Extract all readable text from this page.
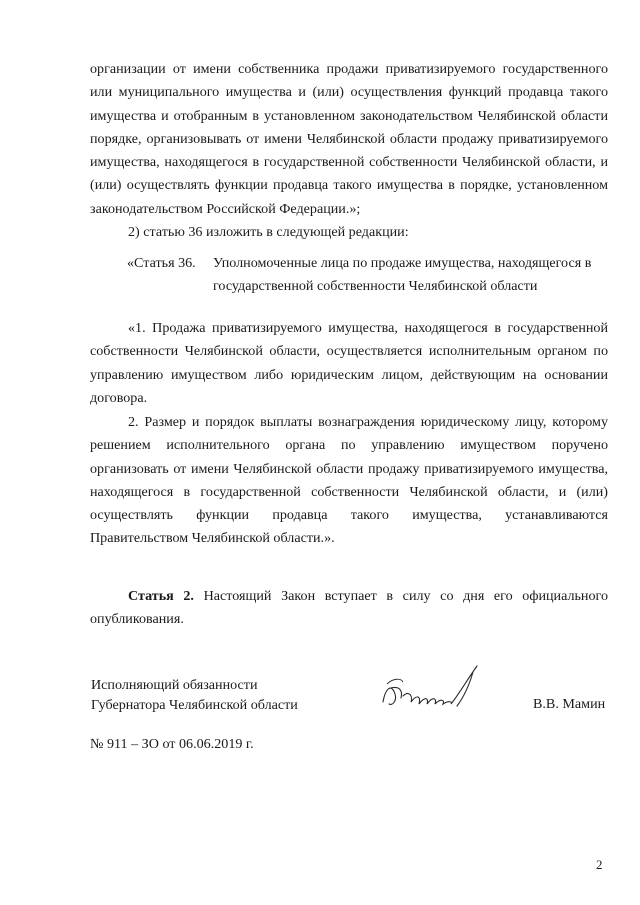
организации от имени собственника продажи приватизируемого государственного
или муниципального имущества и (или) осуществления функций продавца такого
имущества и отобранным в установленном законодательством Челябинской области
порядке, организовывать от имени Челябинской области продажу приватизируемого
имущества, находящегося в государственной собственности Челябинской области, и
(или) осуществлять функции продавца такого имущества в порядке, установленном
законодательством Российской Федерации.»;
2) статью 36 изложить в следующей редакции:
«Статья 36. Уполномоченные лица по продаже имущества, находящегося в
государственной собственности Челябинской области
«1. Продажа приватизируемого имущества, находящегося в государственной
собственности Челябинской области, осуществляется исполнительным органом по
управлению имуществом либо юридическим лицом, действующим на основании
договора.
2. Размер и порядок выплаты вознаграждения юридическому лицу, которому
решением исполнительного органа по управлению имуществом поручено
организовать от имени Челябинской области продажу приватизируемого имущества,
находящегося в государственной собственности Челябинской области, и (или)
осуществлять функции продавца такого имущества, устанавливаются
Правительством Челябинской области.».
Статья 2. Настоящий Закон вступает в силу со дня его официального
опубликования.
Исполняющий обязанности
Губернатора Челябинской области	В.В. Мамин
№ 911 – ЗО от 06.06.2019 г.
2
